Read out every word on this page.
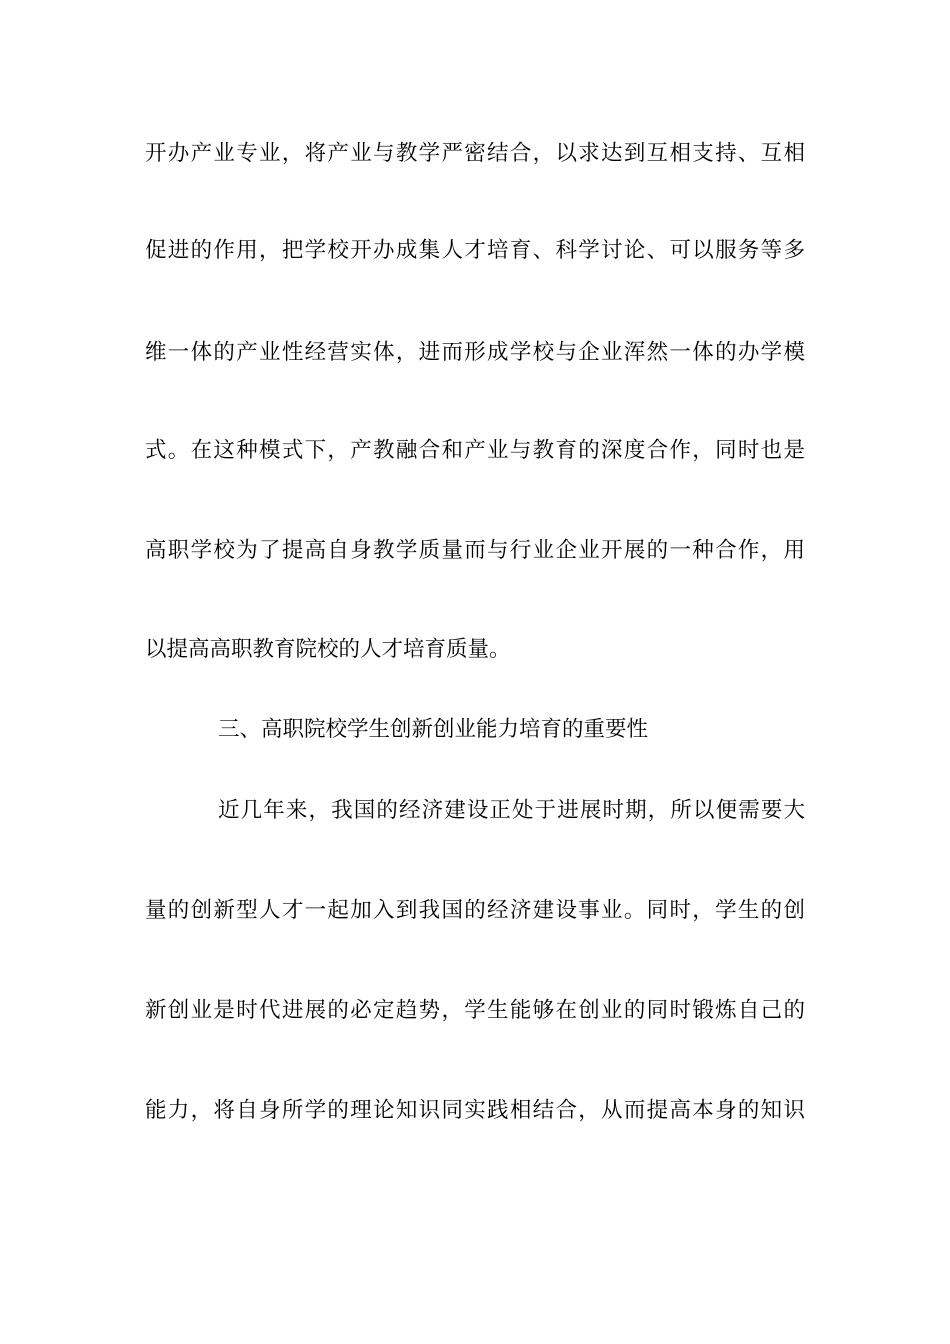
开办产业专业，将产业与教学严密结合，以求达到互相支持、互相
促进的作用，把学校开办成集人才培育、科学讨论、可以服务等多
维一体的产业性经营实体，进而形成学校与企业浑然一体的办学模
式。在这种模式下，产教融合和产业与教育的深度合作，同时也是
高职学校为了提高自身教学质量而与行业企业开展的一种合作，用
以提高高职教育院校的人才培育质量。
三、高职院校学生创新创业能力培育的重要性
近几年来，我国的经济建设正处于进展时期，所以便需要大
量的创新型人才一起加入到我国的经济建设事业。同时，学生的创
新创业是时代进展的必定趋势，学生能够在创业的同时锻炼自己的
能力，将自身所学的理论知识同实践相结合，从而提高本身的知识
